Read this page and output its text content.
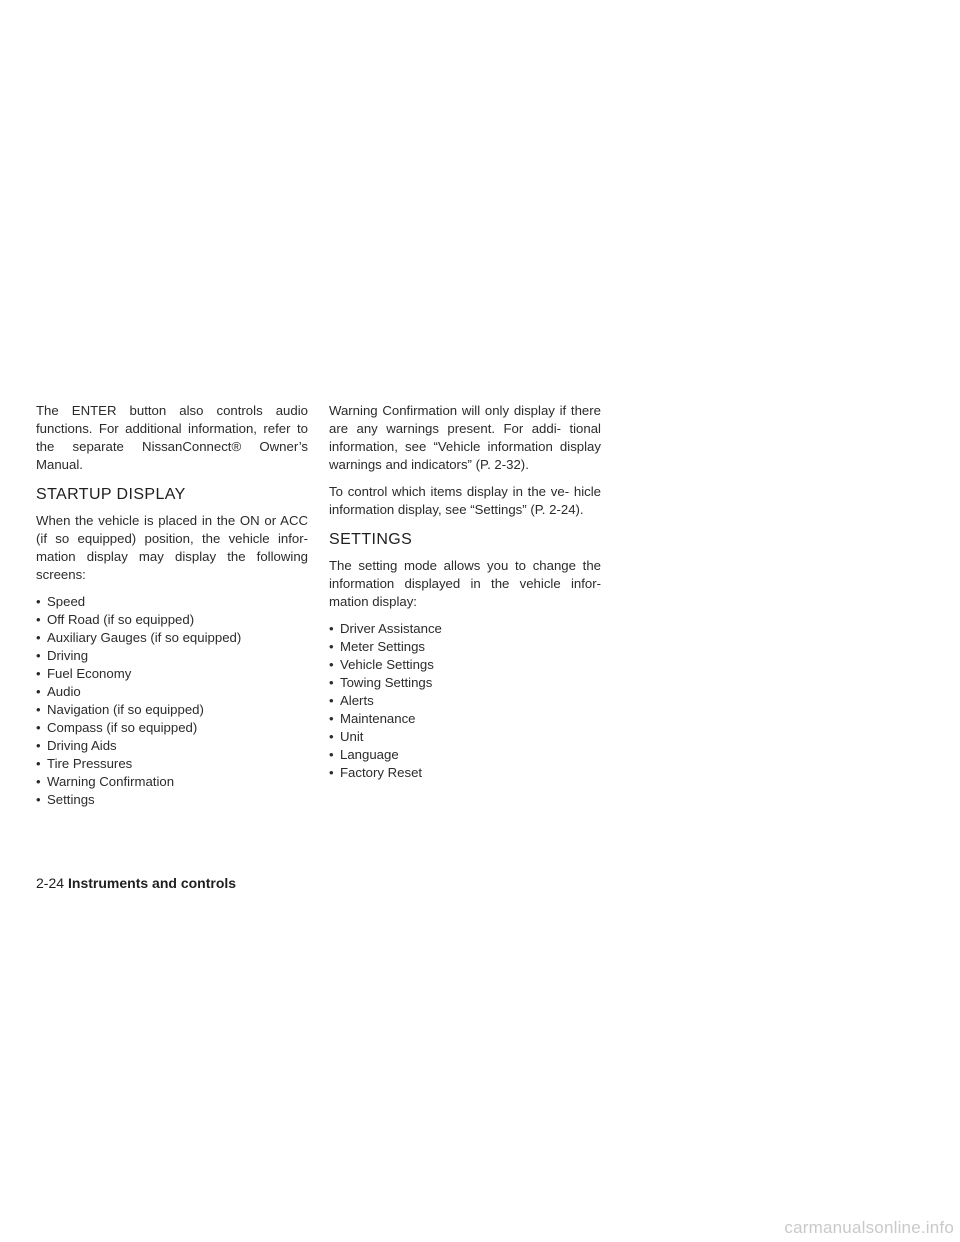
The ENTER button also controls audio functions. For additional information, refer to the separate NissanConnect® Owner’s Manual.

STARTUP DISPLAY

When the vehicle is placed in the ON or ACC (if so equipped) position, the vehicle infor- mation display may display the following screens:

• Speed
• Off Road (if so equipped)
• Auxiliary Gauges (if so equipped)
• Driving
• Fuel Economy
• Audio
• Navigation (if so equipped)
• Compass (if so equipped)
• Driving Aids
• Tire Pressures
• Warning Confirmation
• Settings

Warning Confirmation will only display if there are any warnings present. For addi- tional information, see “Vehicle information display warnings and indicators” (P. 2-32).

To control which items display in the ve- hicle information display, see “Settings” (P. 2-24).

SETTINGS

The setting mode allows you to change the information displayed in the vehicle infor- mation display:

• Driver Assistance
• Meter Settings
• Vehicle Settings
• Towing Settings
• Alerts
• Maintenance
• Unit
• Language
• Factory Reset
2-24 Instruments and controls
carmanualsonline.info
